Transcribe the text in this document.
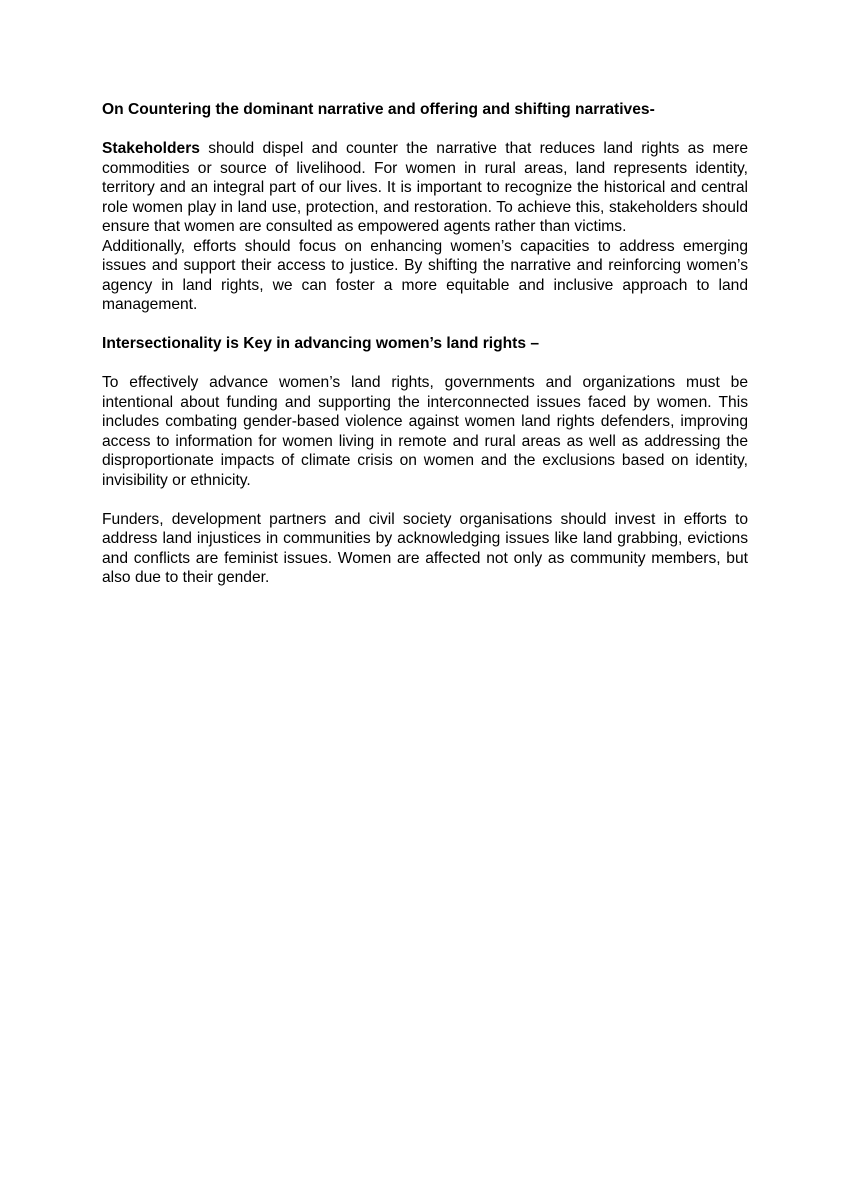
On Countering the dominant narrative and offering and shifting narratives-

Stakeholders should dispel and counter the narrative that reduces land rights as mere commodities or source of livelihood. For women in rural areas, land represents identity, territory and an integral part of our lives. It is important to recognize the historical and central role women play in land use, protection, and restoration. To achieve this, stakeholders should ensure that women are consulted as empowered agents rather than victims.

Additionally, efforts should focus on enhancing women’s capacities to address emerging issues and support their access to justice. By shifting the narrative and reinforcing women’s agency in land rights, we can foster a more equitable and inclusive approach to land management.

Intersectionality is Key in advancing women’s land rights –

To effectively advance women’s land rights, governments and organizations must be intentional about funding and supporting the interconnected issues faced by women. This includes combating gender-based violence against women land rights defenders, improving access to information for women living in remote and rural areas as well as addressing the disproportionate impacts of climate crisis on women and the exclusions based on identity, invisibility or ethnicity.

Funders, development partners and civil society organisations should invest in efforts to address land injustices in communities by acknowledging issues like land grabbing, evictions and conflicts are feminist issues. Women are affected not only as community members, but also due to their gender.
